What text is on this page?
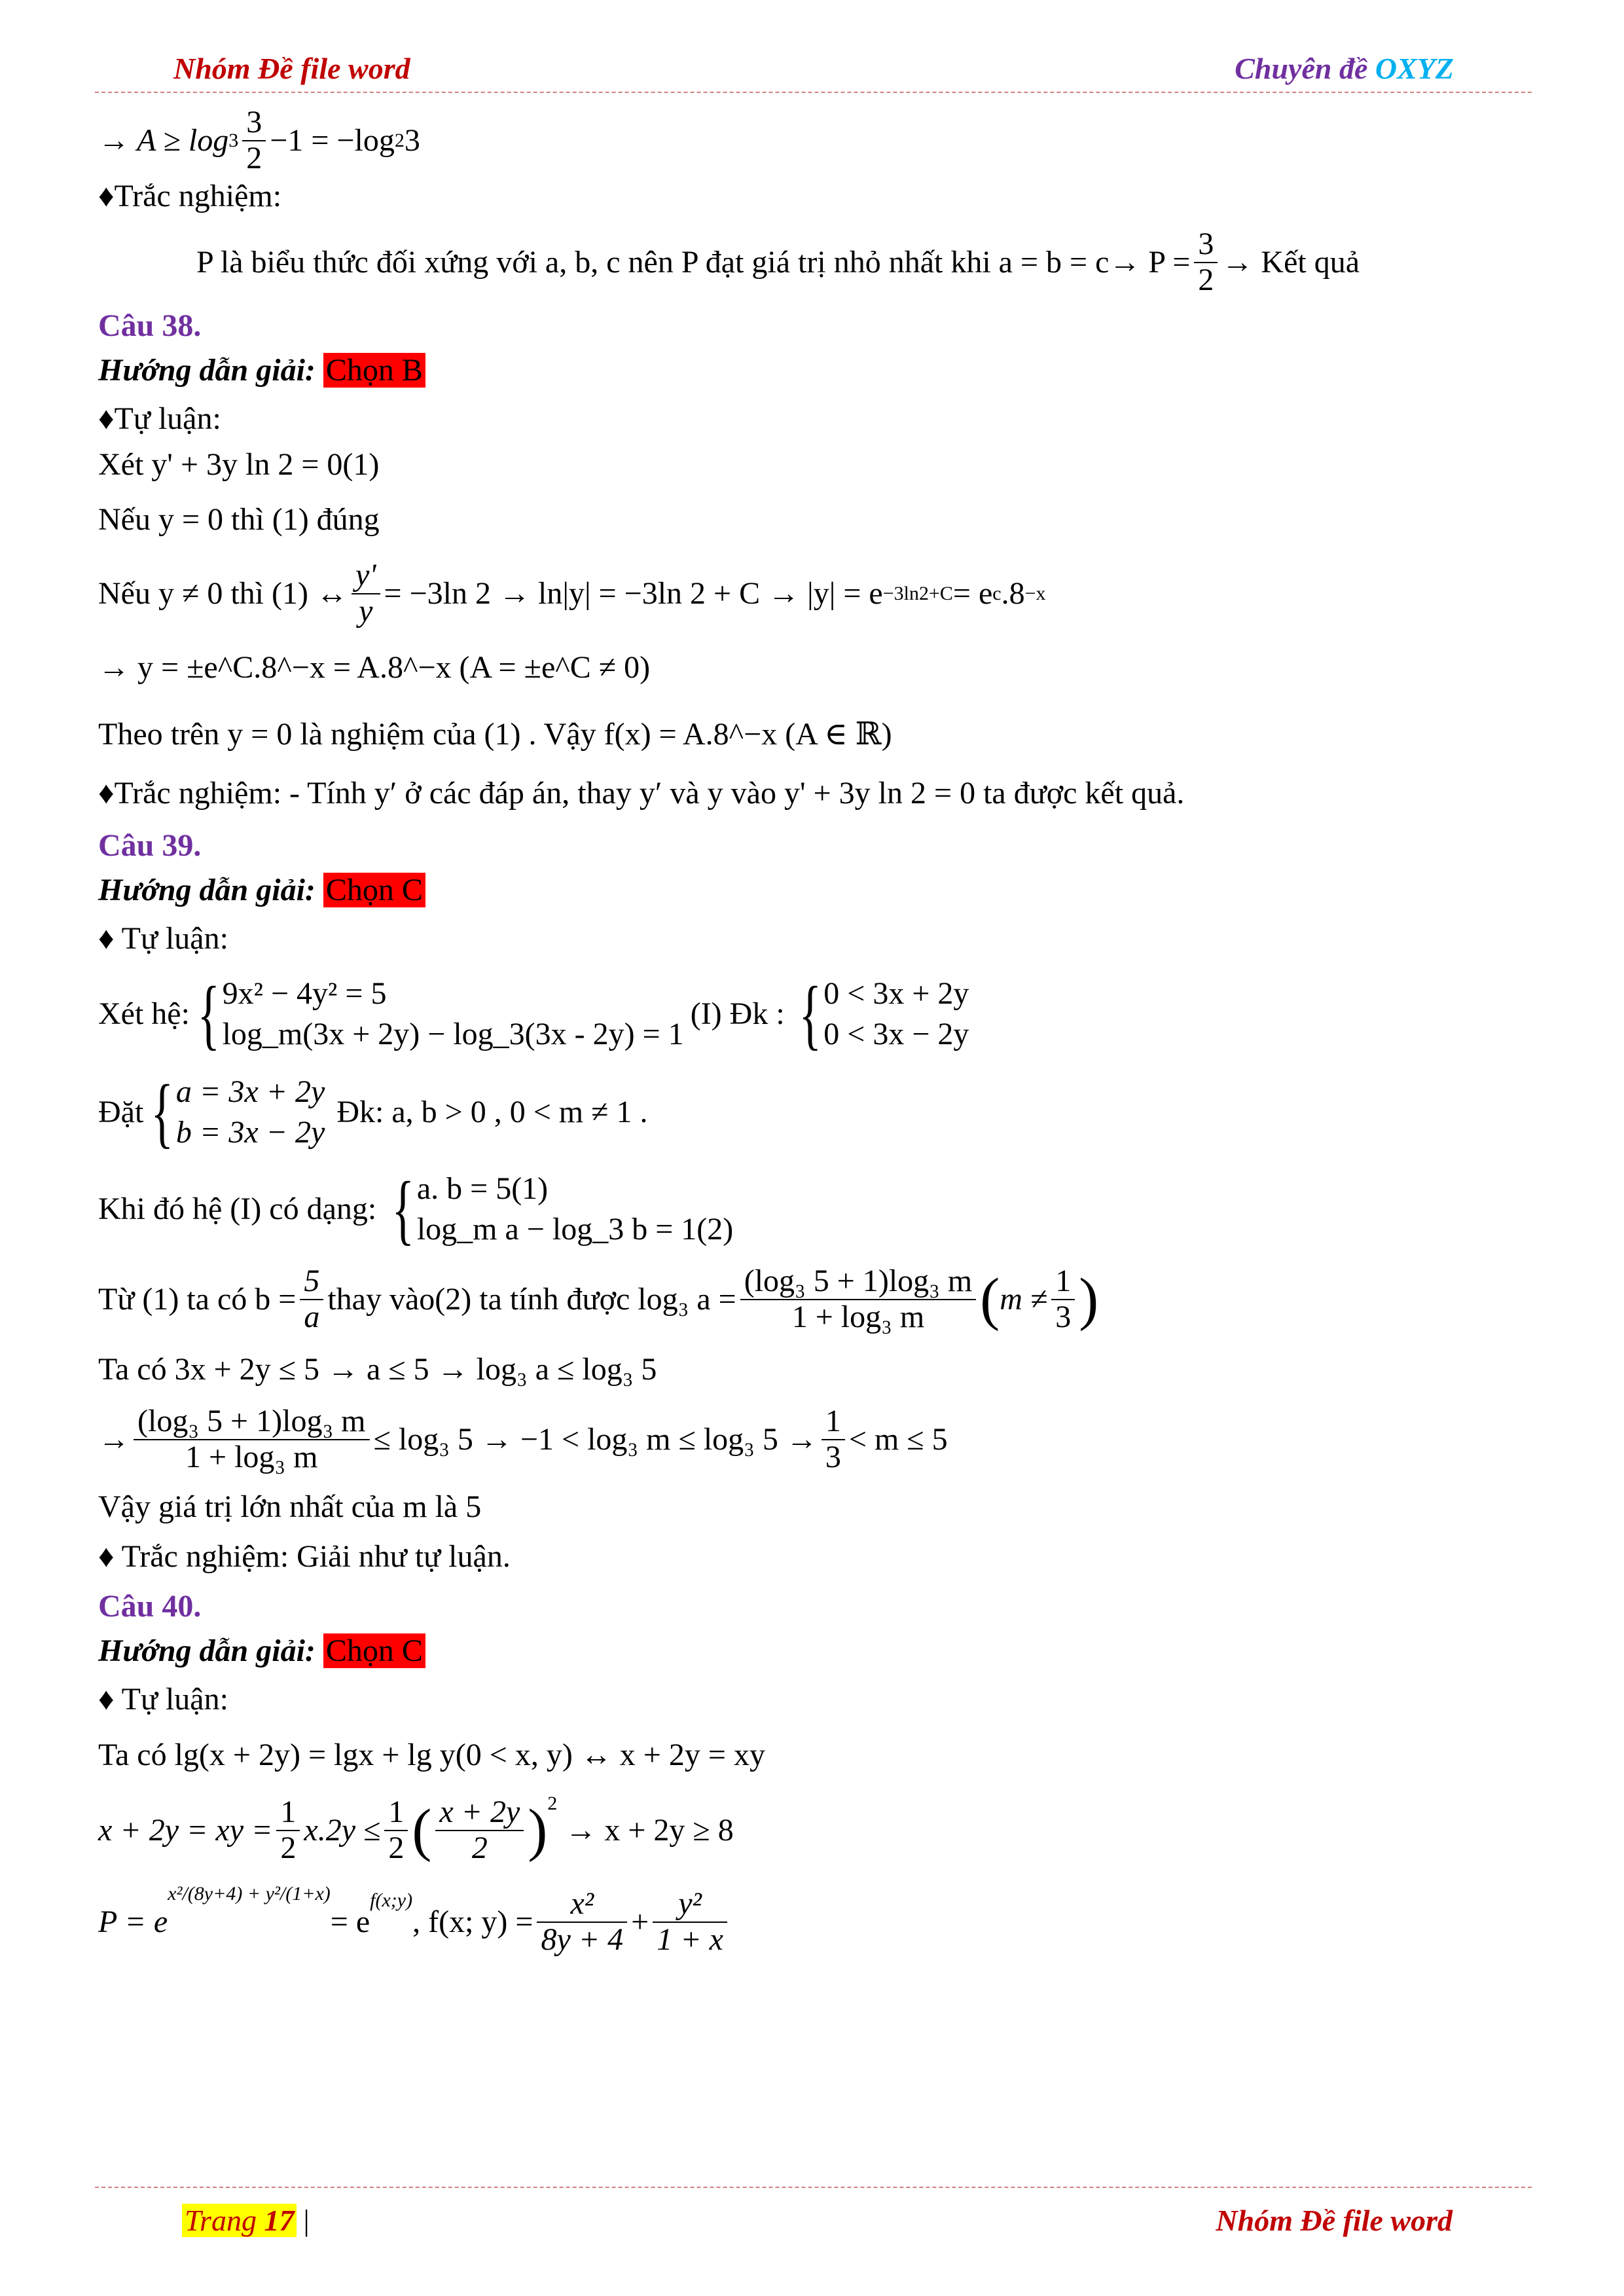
Nhóm Đề file word	Chuyên đề OXYZ

→ $A \ge \log 3 \frac{3}{2} -1 = -\log$ 2 3

♦Trắc nghiệm:

P là biểu thức đối xứng với a, b, c nên P đạt giá trị nhỏ nhất khi $a = b = c\to P = \frac{3}{2}$ → Kết quả

Câu 38.

Hướng dẫn giải: Chọn B

♦Tự luận:

Xét y' + 3y ln 2 = 0(1)

Nếu y = 0 thì (1) đúng

Nếu y ≠ 0 thì (1) ↔ $\frac{y'}{y} = -3\ln$ 2 → ln|y| = −3ln 2 + C → |y| = e −3ln2+C = e c .8 −x

→ y = ±e^C.8^−x = A.8^−x (A = ±e^C ≠ 0)

Theo trên y = 0 là nghiệm của (1) . Vậy f(x) = A.8^−x (A ∈ ℝ)

♦Trắc nghiệm: - Tính y′ ở các đáp án, thay y′ và y vào y' + 3y ln 2 = 0 ta được kết quả.

Câu 39.

Hướng dẫn giải: Chọn C

♦ Tự luận:

Xét hệ: { 9x² − 4y² = 5
log_m(3x + 2y) − log_3(3x - 2y) = 1
(I) Đk : { 0 < 3x + 2y
0 < 3x − 2y
Đặt { a = 3x + 2y
b = 3x − 2y
Đk: a, b > 0 , 0 < m ≠ 1 .
Khi đó hệ (I) có dạng: { a. b = 5(1)
log_m a − log_3 b = 1(2)
Từ (1) ta có $b = \frac{5}{a}$ thay vào(2) ta tính được log₃ $a = \frac{\text{(log₃ 5 + 1)log₃ m}}{\text{1 + log₃ m}}$ ( $m \ne \frac{1}{3}$ )

Ta có 3x + 2y ≤ 5 → a ≤ 5 → log₃ a ≤ log₃ 5

→ $\frac{\text{(log₃ 5 + 1)log₃ m}}{\text{1 + log₃ m}} \le \log_3$ 5 → −1 < log₃ m ≤ log₃ $5 \to \frac{1}{3} < m \le 5$

Vậy giá trị lớn nhất của m là 5

♦ Trắc nghiệm: Giải như tự luận.

Câu 40.

Hướng dẫn giải: Chọn C

♦ Tự luận:

Ta có lg(x + 2y) = lgx + lg y(0 < x, y) ↔ x + 2y = xy

x + 2y = xy = $\frac{1}{2} x.2y \le \frac{1}{2}$ ( $\frac{x + 2y}{2} )^2$
→ x + 2y ≥ 8
P = e
$^{x^2/(8y+4) + y^2/(1+x)}$
= e
$^{f(x;y)}$
, f(x; $y) = \frac{\text{x²}}{8y + 4} + \frac{\text{y²}}{1 + x}$
Trang 17 |	Nhóm Đề file word
